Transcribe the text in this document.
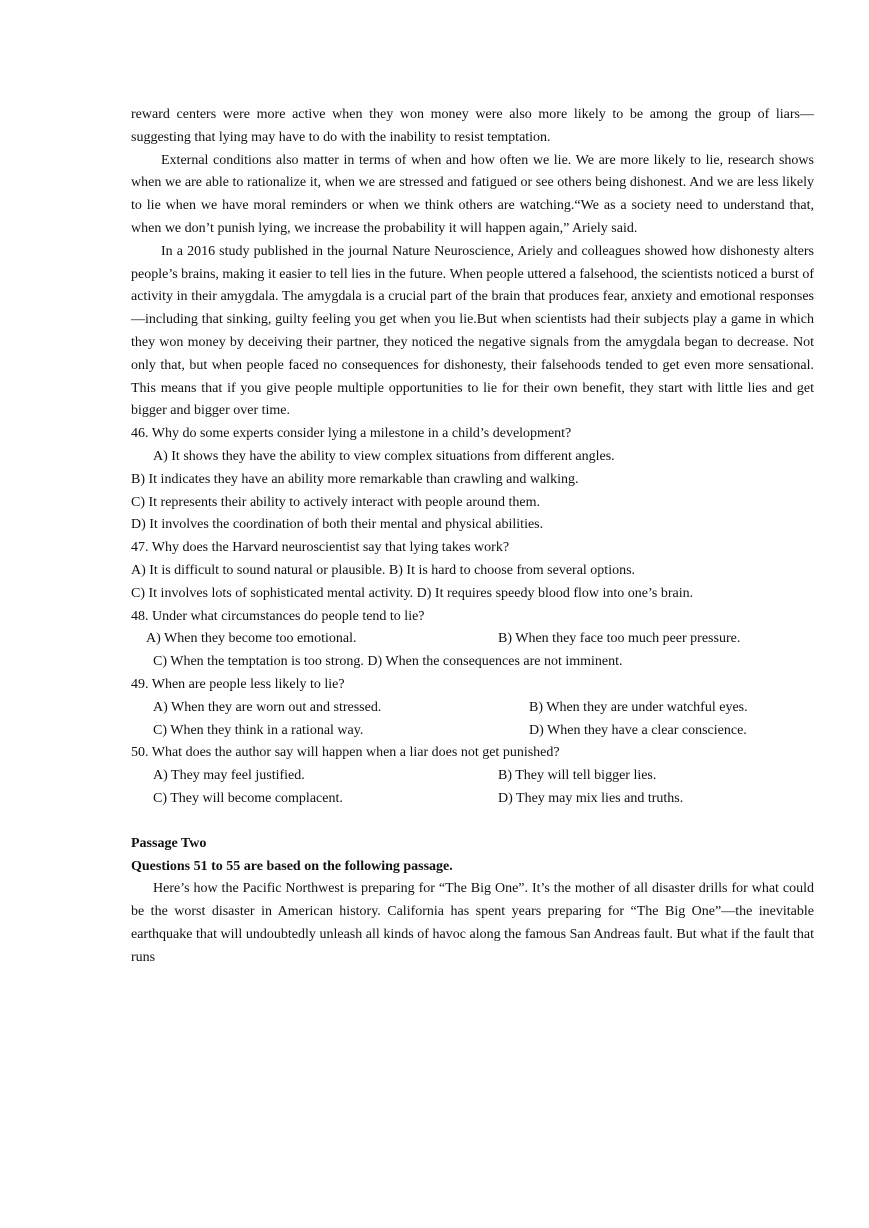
reward centers were more active when they won money were also more likely to be among the group of liars—suggesting that lying may have to do with the inability to resist temptation.

External conditions also matter in terms of when and how often we lie. We are more likely to lie, research shows when we are able to rationalize it, when we are stressed and fatigued or see others being dishonest. And we are less likely to lie when we have moral reminders or when we think others are watching.“We as a society need to understand that, when we don’t punish lying, we increase the probability it will happen again,” Ariely said.

In a 2016 study published in the journal Nature Neuroscience, Ariely and colleagues showed how dishonesty alters people’s brains, making it easier to tell lies in the future. When people uttered a falsehood, the scientists noticed a burst of activity in their amygdala. The amygdala is a crucial part of the brain that produces fear, anxiety and emotional responses—including that sinking, guilty feeling you get when you lie.But when scientists had their subjects play a game in which they won money by deceiving their partner, they noticed the negative signals from the amygdala began to decrease. Not only that, but when people faced no consequences for dishonesty, their falsehoods tended to get even more sensational. This means that if you give people multiple opportunities to lie for their own benefit, they start with little lies and get bigger and bigger over time.

46. Why do some experts consider lying a milestone in a child’s development?

A) It shows they have the ability to view complex situations from different angles.

B) It indicates they have an ability more remarkable than crawling and walking.

C) It represents their ability to actively interact with people around them.

D) It involves the coordination of both their mental and physical abilities.

47. Why does the Harvard neuroscientist say that lying takes work?

A) It is difficult to sound natural or plausible. B) It is hard to choose from several options.

C) It involves lots of sophisticated mental activity. D) It requires speedy blood flow into one’s brain.

48. Under what circumstances do people tend to lie?

A) When they become too emotional.	B) When they face too much peer pressure.

C) When the temptation is too strong. D) When the consequences are not imminent.

49. When are people less likely to lie?

A) When they are worn out and stressed.	B) When they are under watchful eyes.
C) When they think in a rational way.	D) When they have a clear conscience.

50. What does the author say will happen when a liar does not get punished?

A) They may feel justified.	B) They will tell bigger lies.
C) They will become complacent.	D) They may mix lies and truths.

Passage Two

Questions 51 to 55 are based on the following passage.

Here’s how the Pacific Northwest is preparing for “The Big One”. It’s the mother of all disaster drills for what could be the worst disaster in American history. California has spent years preparing for “The Big One”—the inevitable earthquake that will undoubtedly unleash all kinds of havoc along the famous San Andreas fault. But what if the fault that runs
